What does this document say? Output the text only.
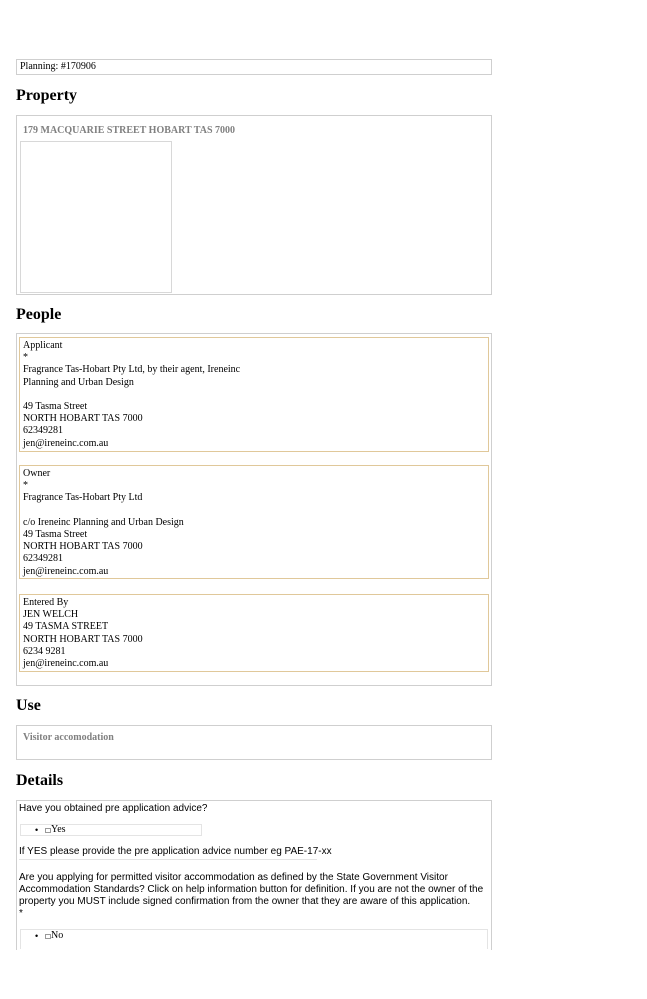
Planning: #170906
Property
179 MACQUARIE STREET HOBART TAS 7000
People
Applicant
*
Fragrance Tas-Hobart Pty Ltd, by their agent, Ireneinc
Planning and Urban Design
49 Tasma Street
NORTH HOBART TAS 7000
62349281
jen@ireneinc.com.au
Owner
*
Fragrance Tas-Hobart Pty Ltd
c/o Ireneinc Planning and Urban Design
49 Tasma Street
NORTH HOBART TAS 7000
62349281
jen@ireneinc.com.au
Entered By
JEN WELCH
49 TASMA STREET
NORTH HOBART TAS 7000
6234 9281
jen@ireneinc.com.au
Use
Visitor accomodation
Details
Have you obtained pre application advice?
• Yes
If YES please provide the pre application advice number eg PAE-17-xx
Are you applying for permitted visitor accommodation as defined by the State Government Visitor
Accommodation Standards? Click on help information button for definition. If you are not the owner of the
property you MUST include signed confirmation from the owner that they are aware of this application.
*
• No
